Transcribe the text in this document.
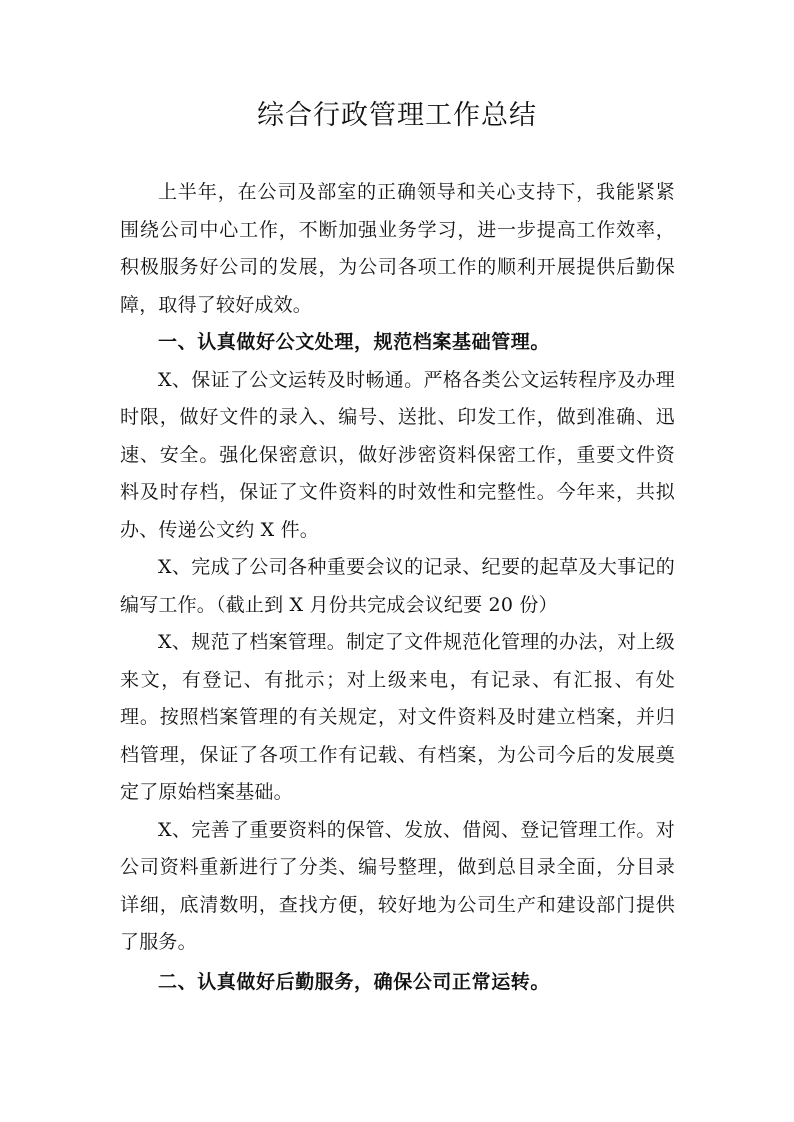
综合行政管理工作总结

上半年，在公司及部室的正确领导和关心支持下，我能紧紧围绕公司中心工作，不断加强业务学习，进一步提高工作效率，积极服务好公司的发展，为公司各项工作的顺利开展提供后勤保障，取得了较好成效。

一、认真做好公文处理，规范档案基础管理。

X、保证了公文运转及时畅通。严格各类公文运转程序及办理时限，做好文件的录入、编号、送批、印发工作，做到准确、迅速、安全。强化保密意识，做好涉密资料保密工作，重要文件资料及时存档，保证了文件资料的时效性和完整性。今年来，共拟办、传递公文约 X 件。

X、完成了公司各种重要会议的记录、纪要的起草及大事记的编写工作。（截止到 X 月份共完成会议纪要 20 份）

X、规范了档案管理。制定了文件规范化管理的办法，对上级来文，有登记、有批示；对上级来电，有记录、有汇报、有处理。按照档案管理的有关规定，对文件资料及时建立档案，并归档管理，保证了各项工作有记载、有档案，为公司今后的发展奠定了原始档案基础。

X、完善了重要资料的保管、发放、借阅、登记管理工作。对公司资料重新进行了分类、编号整理，做到总目录全面，分目录详细，底清数明，查找方便，较好地为公司生产和建设部门提供了服务。

二、认真做好后勤服务，确保公司正常运转。
